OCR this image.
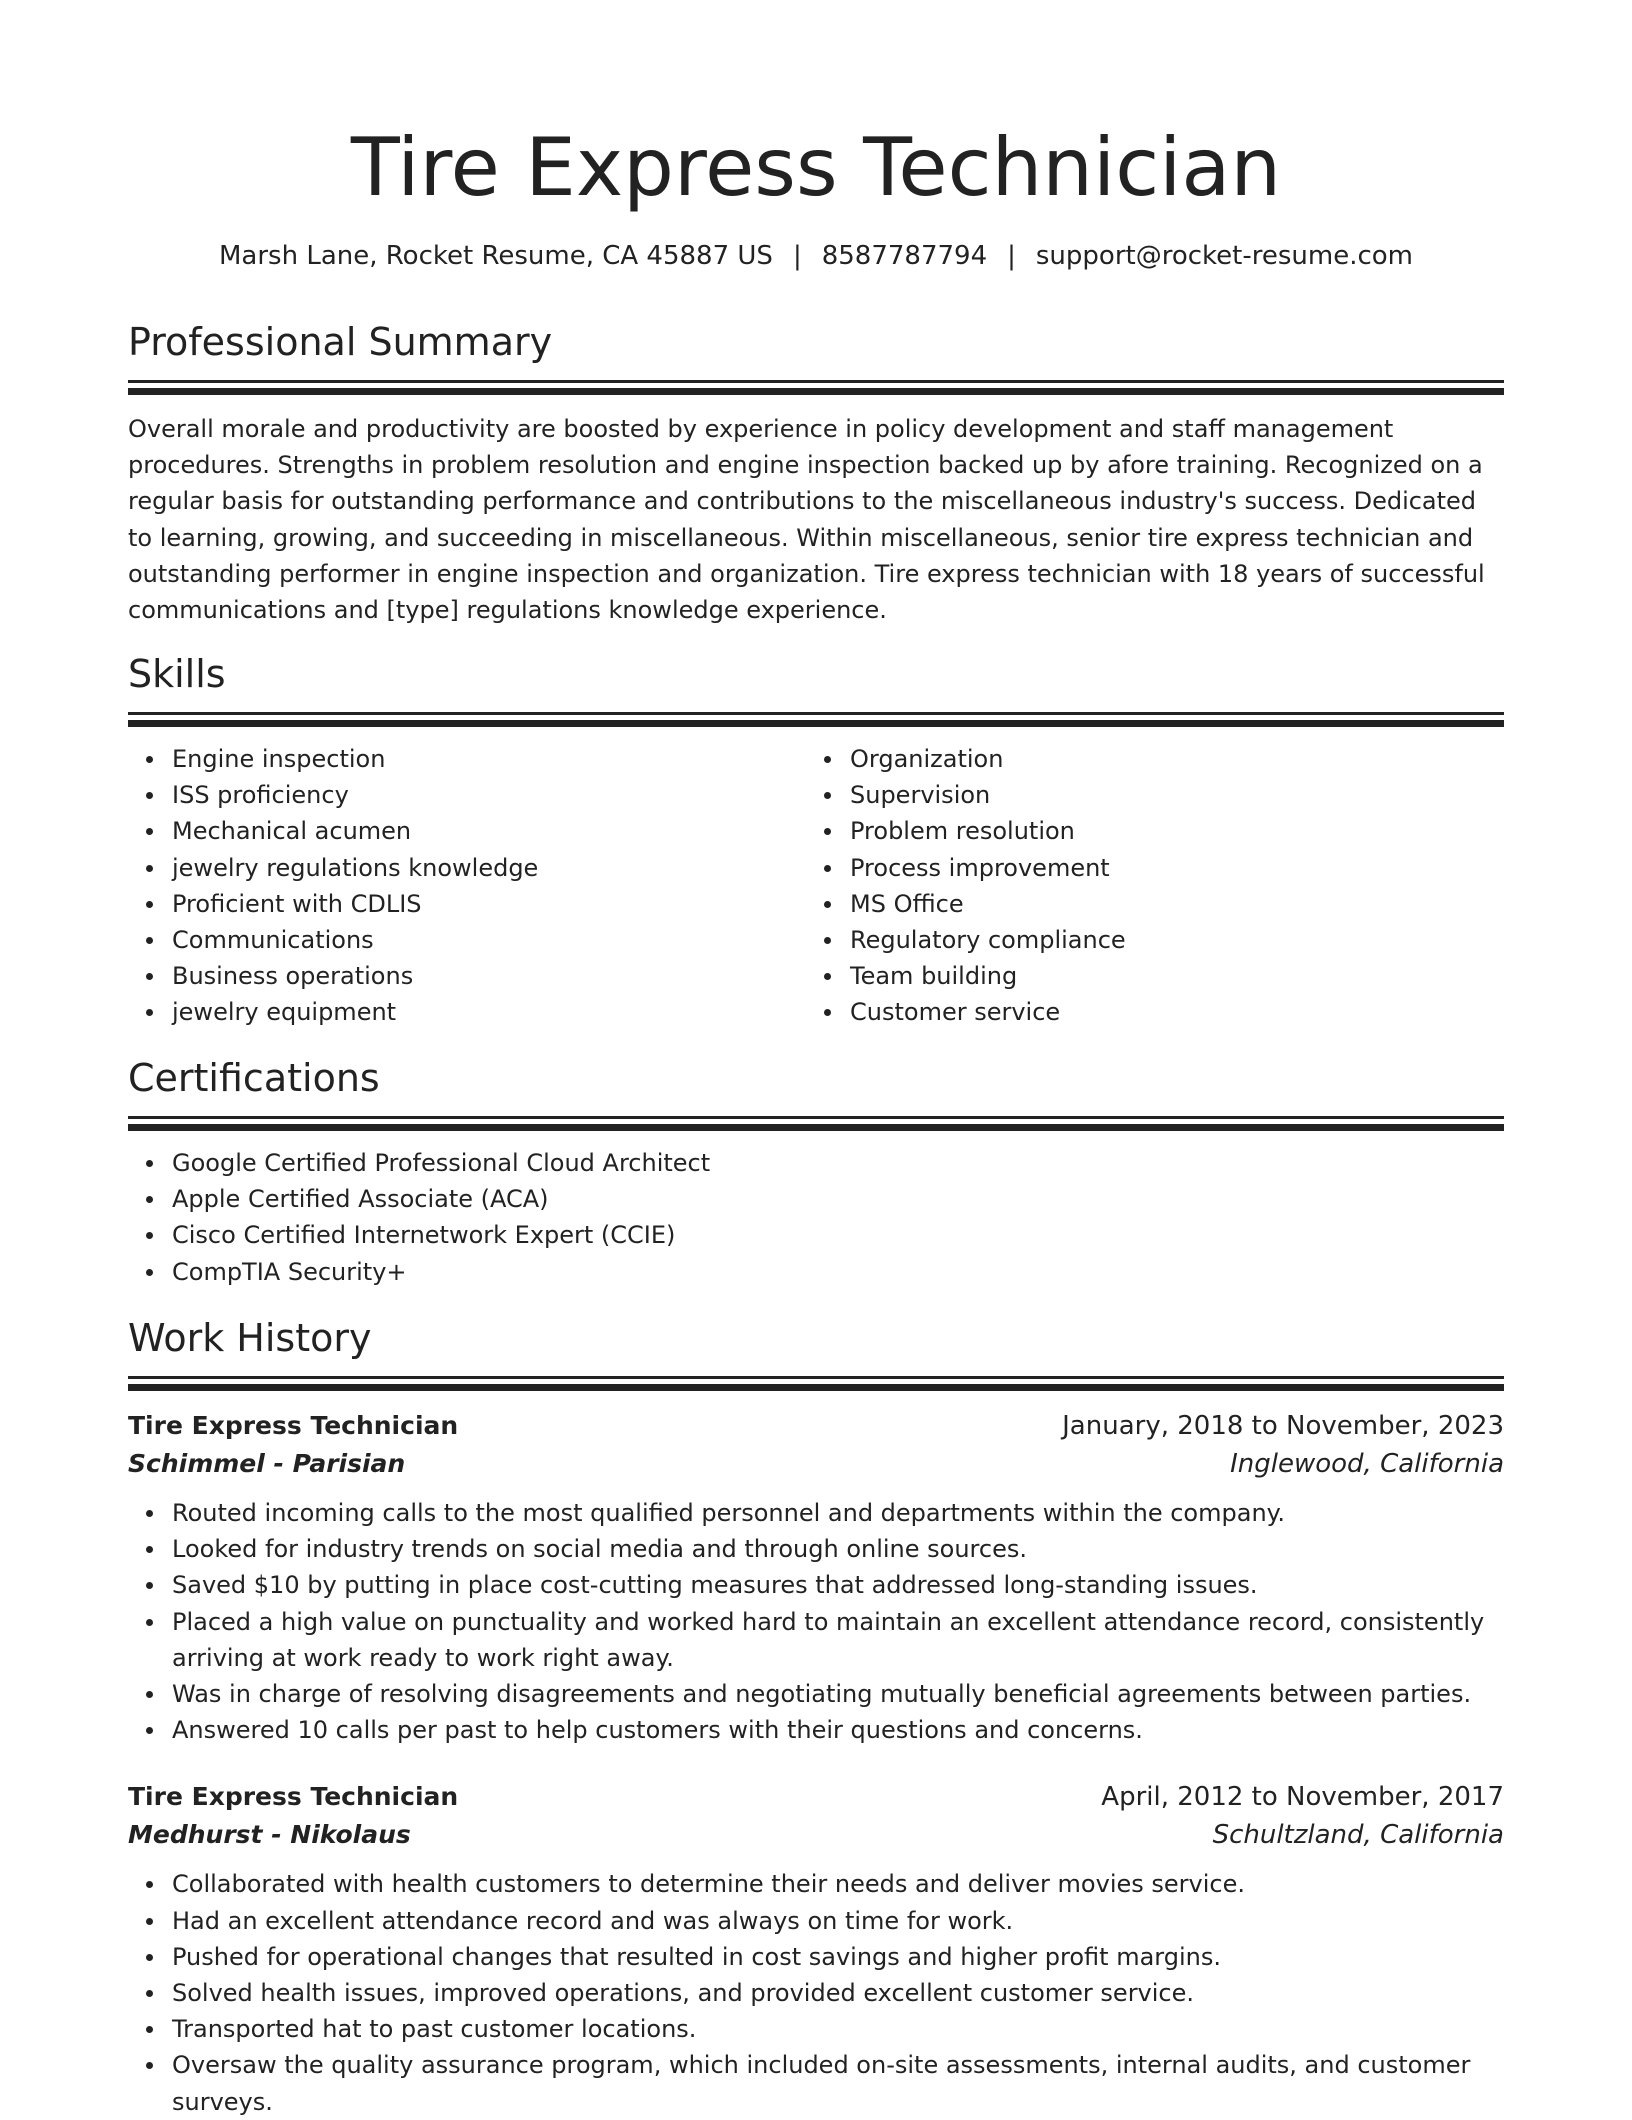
Tire Express Technician
Marsh Lane, Rocket Resume, CA 45887 US | 8587787794 | support@rocket-resume.com
Professional Summary

Overall morale and productivity are boosted by experience in policy development and staff management procedures. Strengths in problem resolution and engine inspection backed up by afore training. Recognized on a regular basis for outstanding performance and contributions to the miscellaneous industry's success. Dedicated to learning, growing, and succeeding in miscellaneous. Within miscellaneous, senior tire express technician and outstanding performer in engine inspection and organization. Tire express technician with 18 years of successful communications and [type] regulations knowledge experience.

Skills
Engine inspection
ISS proficiency
Mechanical acumen
jewelry regulations knowledge
Proficient with CDLIS
Communications
Business operations
jewelry equipment
Organization
Supervision
Problem resolution
Process improvement
MS Office
Regulatory compliance
Team building
Customer service
Certifications
Google Certified Professional Cloud Architect
Apple Certified Associate (ACA)
Cisco Certified Internetwork Expert (CCIE)
CompTIA Security+
Work History
Tire Express Technician	January, 2018 to November, 2023
Schimmel - Parisian	Inglewood, California
Routed incoming calls to the most qualified personnel and departments within the company.
Looked for industry trends on social media and through online sources.
Saved $10 by putting in place cost-cutting measures that addressed long-standing issues.
Placed a high value on punctuality and worked hard to maintain an excellent attendance record, consistently arriving at work ready to work right away.
Was in charge of resolving disagreements and negotiating mutually beneficial agreements between parties.
Answered 10 calls per past to help customers with their questions and concerns.
Tire Express Technician	April, 2012 to November, 2017
Medhurst - Nikolaus	Schultzland, California
Collaborated with health customers to determine their needs and deliver movies service.
Had an excellent attendance record and was always on time for work.
Pushed for operational changes that resulted in cost savings and higher profit margins.
Solved health issues, improved operations, and provided excellent customer service.
Transported hat to past customer locations.
Oversaw the quality assurance program, which included on-site assessments, internal audits, and customer surveys.
